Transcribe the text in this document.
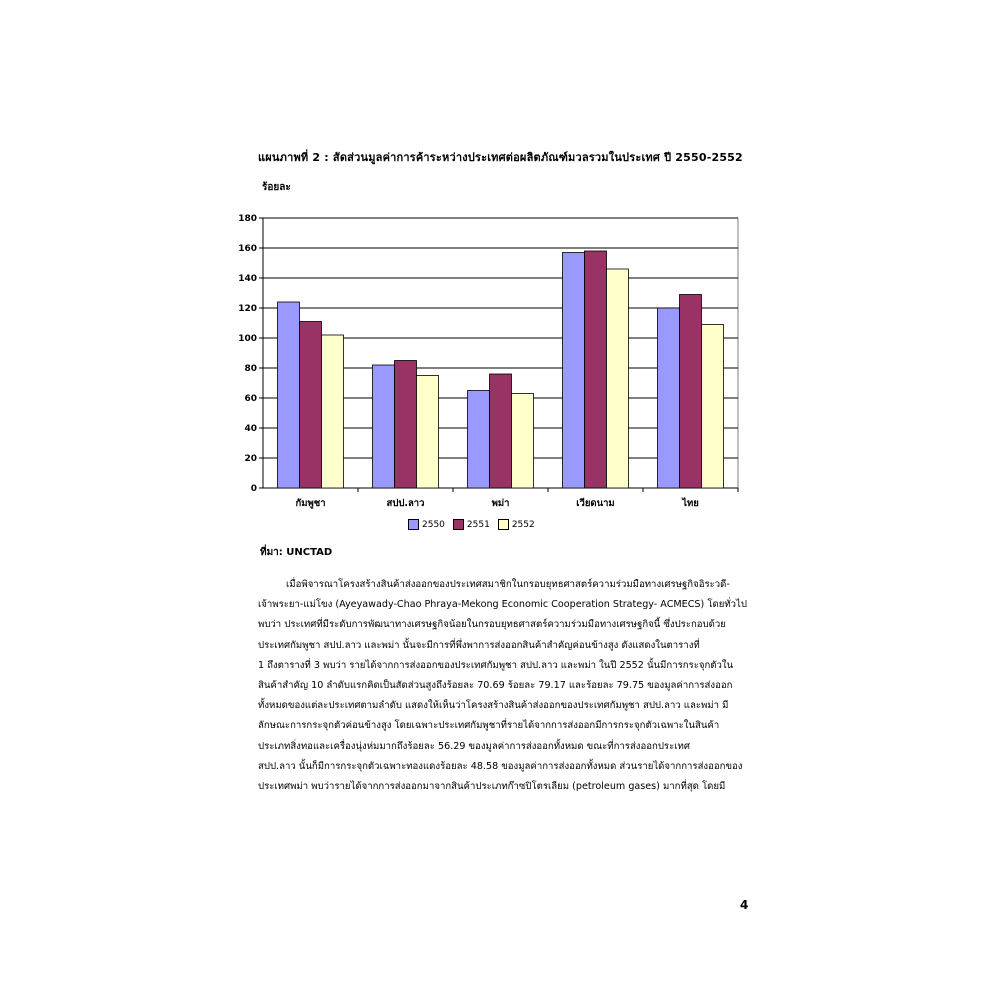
แผนภาพที่ 2 : สัดส่วนมูลค่าการค้าระหว่างประเทศต่อผลิตภัณฑ์มวลรวมในประเทศ ปี 2550-2552
ร้อยละ
0
20
40
60
80
100
120
140
160
180
กัมพูชา	สปป.ลาว	พม่า	เวียดนาม	ไทย
2550 2551 2552
ที่มา: UNCTAD
เมื่อพิจารณาโครงสร้างสินค้าส่งออกของประเทศสมาชิกในกรอบยุทธศาสตร์ความร่วมมือทางเศรษฐกิจอิระวดี-
เจ้าพระยา-แม่โขง (Ayeyawady-Chao Phraya-Mekong Economic Cooperation Strategy- ACMECS) โดยทั่วไป
พบว่า ประเทศที่มีระดับการพัฒนาทางเศรษฐกิจน้อยในกรอบยุทธศาสตร์ความร่วมมือทางเศรษฐกิจนี้ ซึ่งประกอบด้วย
ประเทศกัมพูชา สปป.ลาว และพม่า นั้นจะมีการที่พึ่งพาการส่งออกสินค้าสำคัญค่อนข้างสูง ดังแสดงในตารางที่
1 ถึงตารางที่ 3 พบว่า รายได้จากการส่งออกของประเทศกัมพูชา สปป.ลาว และพม่า ในปี 2552 นั้นมีการกระจุกตัวใน
สินค้าสำคัญ 10 ลำดับแรกคิดเป็นสัดส่วนสูงถึงร้อยละ 70.69 ร้อยละ 79.17 และร้อยละ 79.75 ของมูลค่าการส่งออก
ทั้งหมดของแต่ละประเทศตามลำดับ แสดงให้เห็นว่าโครงสร้างสินค้าส่งออกของประเทศกัมพูชา สปป.ลาว และพม่า มี
ลักษณะการกระจุกตัวค่อนข้างสูง โดยเฉพาะประเทศกัมพูชาที่รายได้จากการส่งออกมีการกระจุกตัวเฉพาะในสินค้า
ประเภทสิ่งทอและเครื่องนุ่งห่มมากถึงร้อยละ 56.29 ของมูลค่าการส่งออกทั้งหมด ขณะที่การส่งออกประเทศ
สปป.ลาว นั้นก็มีการกระจุกตัวเฉพาะทองแดงร้อยละ 48.58 ของมูลค่าการส่งออกทั้งหมด ส่วนรายได้จากการส่งออกของ
ประเทศพม่า พบว่ารายได้จากการส่งออกมาจากสินค้าประเภทก๊าซปิโตรเลียม (petroleum gases) มากที่สุด โดยมี
4
